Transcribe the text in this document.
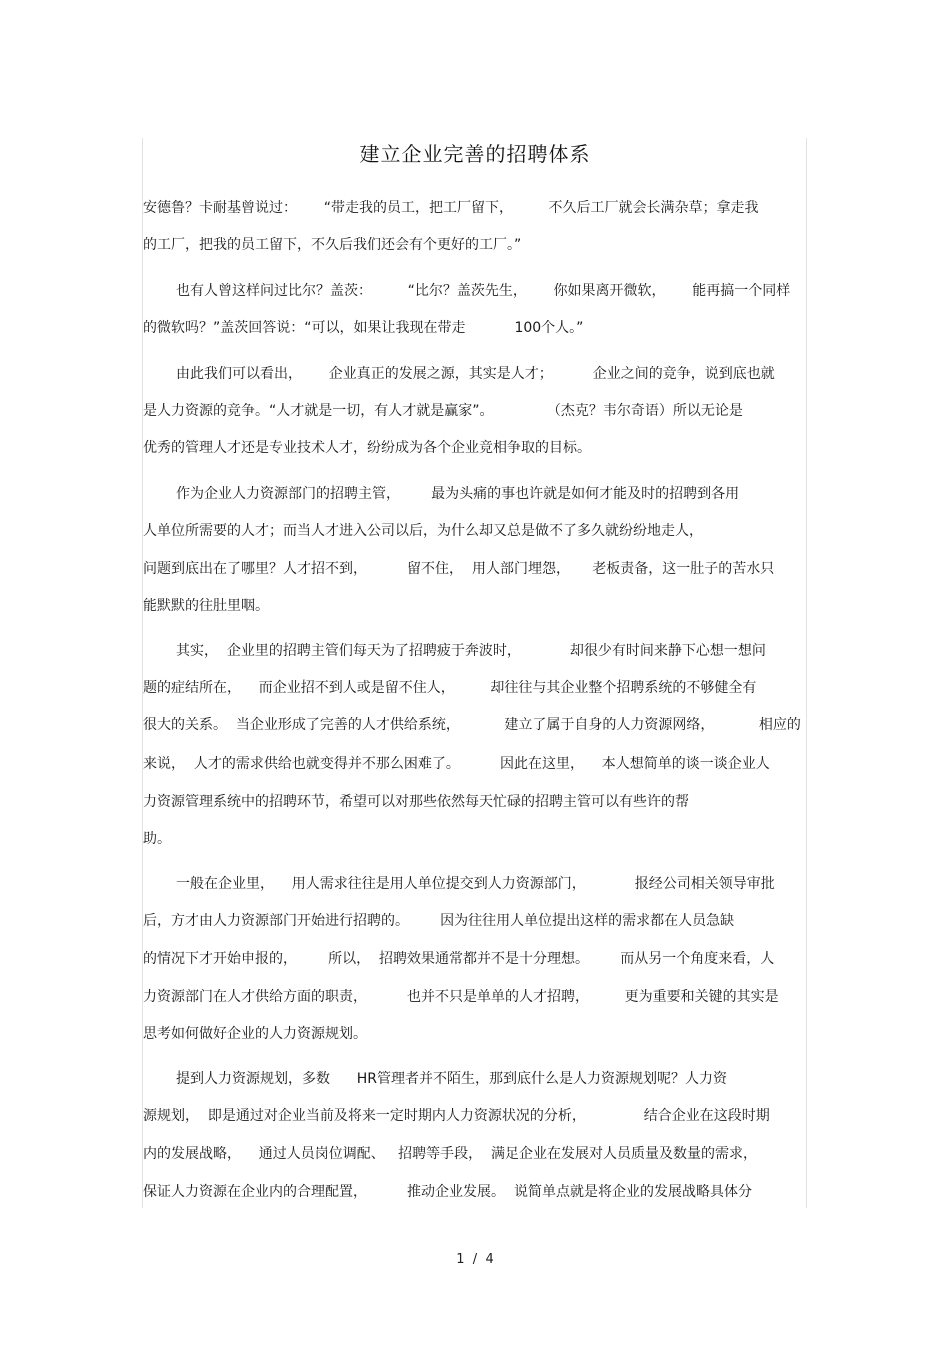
建立企业完善的招聘体系
安德鲁？卡耐基曾说过：      “带走我的员工，把工厂留下，        不久后工厂就会长满杂草；拿走我
的工厂，把我的员工留下，不久后我们还会有个更好的工厂。”
也有人曾这样问过比尔？盖茨：        “比尔？盖茨先生，      你如果离开微软，      能再搞一个同样
的微软吗？”盖茨回答说：“可以，如果让我现在带走           100个人。”
由此我们可以看出，      企业真正的发展之源，其实是人才；         企业之间的竞争，说到底也就
是人力资源的竞争。“人才就是一切，有人才就是赢家”。            （杰克？韦尔奇语）所以无论是
优秀的管理人才还是专业技术人才，纷纷成为各个企业竞相争取的目标。
作为企业人力资源部门的招聘主管，       最为头痛的事也许就是如何才能及时的招聘到各用
人单位所需要的人才；而当人才进入公司以后，为什么却又总是做不了多久就纷纷地走人，
问题到底出在了哪里？人才招不到，         留不住，  用人部门埋怨，     老板责备，这一肚子的苦水只
能默默的往肚里咽。
其实，  企业里的招聘主管们每天为了招聘疲于奔波时，           却很少有时间来静下心想一想问
题的症结所在，    而企业招不到人或是留不住人，        却往往与其企业整个招聘系统的不够健全有
很大的关系。  当企业形成了完善的人才供给系统，          建立了属于自身的人力资源网络，          相应的
来说，  人才的需求供给也就变得并不那么困难了。         因此在这里，    本人想简单的谈一谈企业人
力资源管理系统中的招聘环节，希望可以对那些依然每天忙碌的招聘主管可以有些许的帮
助。
一般在企业里，    用人需求往往是用人单位提交到人力资源部门，           报经公司相关领导审批
后，方才由人力资源部门开始进行招聘的。       因为往往用人单位提出这样的需求都在人员急缺
的情况下才开始申报的，       所以，  招聘效果通常都并不是十分理想。       而从另一个角度来看，人
力资源部门在人才供给方面的职责，         也并不只是单单的人才招聘，        更为重要和关键的其实是
思考如何做好企业的人力资源规划。
提到人力资源规划，多数      HR管理者并不陌生，那到底什么是人力资源规划呢？人力资
源规划，  即是通过对企业当前及将来一定时期内人力资源状况的分析，             结合企业在这段时期
内的发展战略，    通过人员岗位调配、   招聘等手段，  满足企业在发展对人员质量及数量的需求，
保证人力资源在企业内的合理配置，         推动企业发展。  说简单点就是将企业的发展战略具体分
1  /  4
